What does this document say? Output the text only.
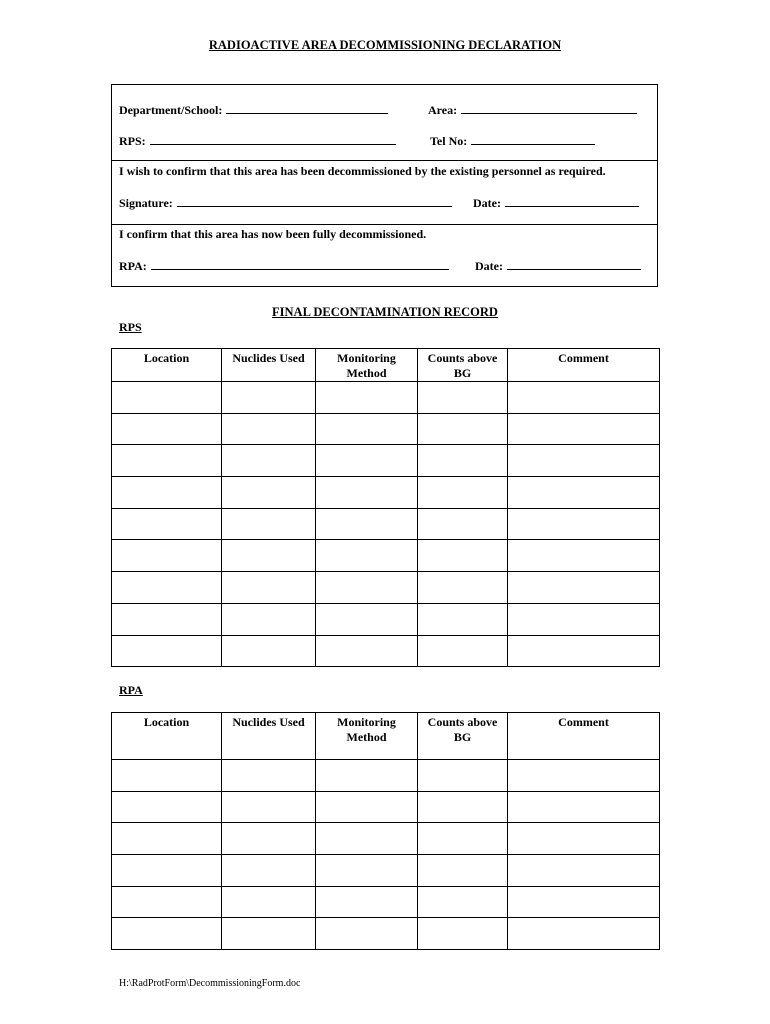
RADIOACTIVE AREA DECOMMISSIONING DECLARATION
Department/School:	Area:
RPS:	Tel No:
I wish to confirm that this area has been decommissioned by the existing personnel as required.
Signature:	Date:
I confirm that this area has now been fully decommissioned.
RPA:	Date:
FINAL DECONTAMINATION RECORD
RPS
Location	Nuclides Used	Monitoring Method	Counts above BG	Comment

RPA
Location	Nuclides Used	Monitoring Method	Counts above BG	Comment

H:\RadProtForm\DecommissioningForm.doc
